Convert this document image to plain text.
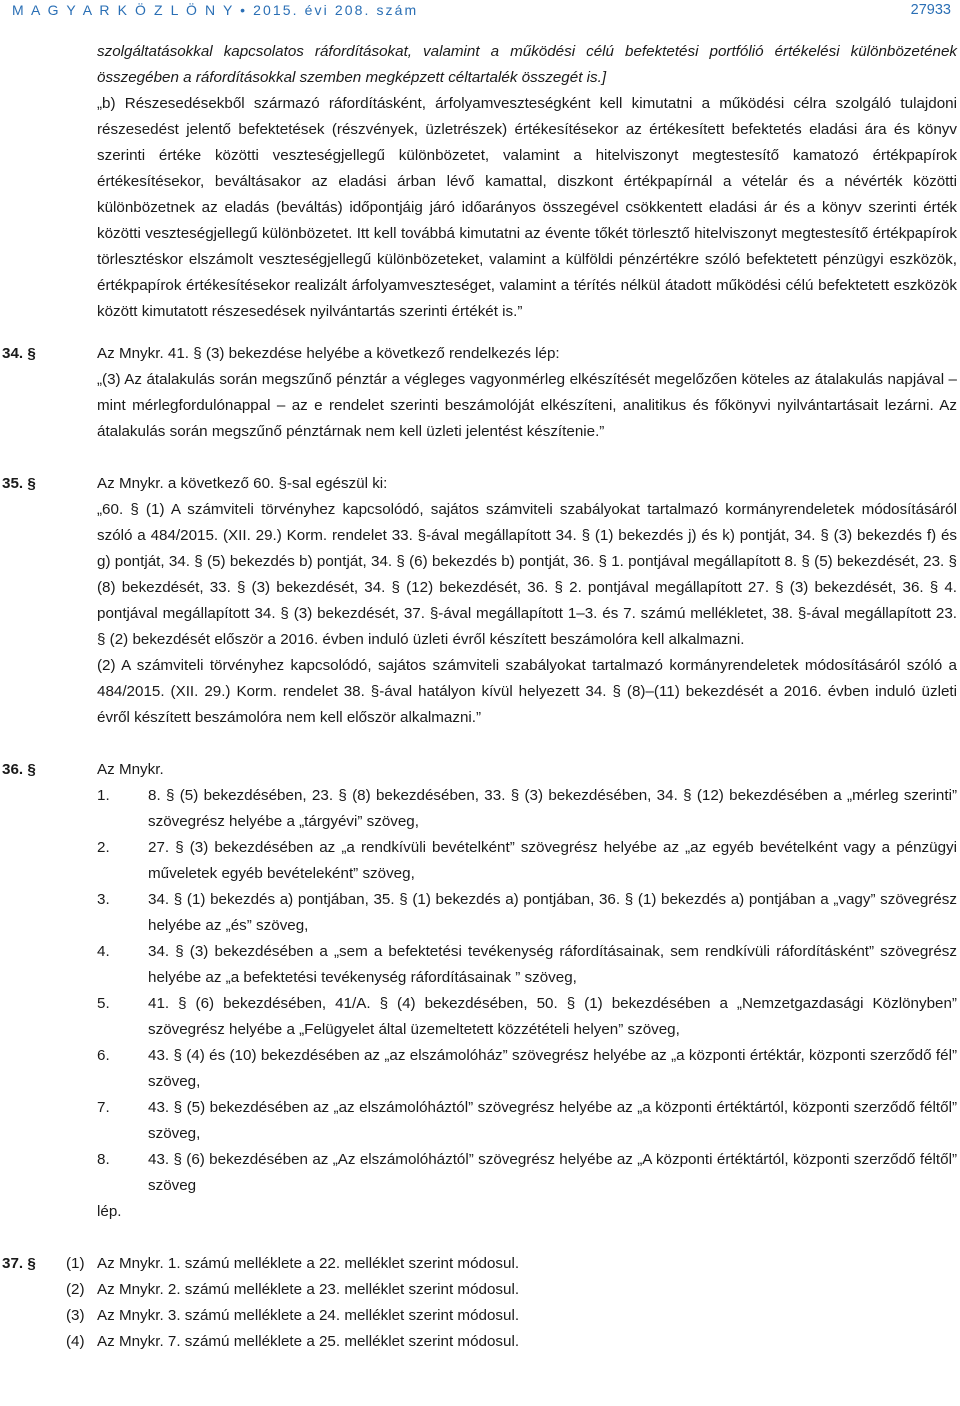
M A G Y A R K Ö Z L Ö N Y • 2015. évi 208. szám	27933

szolgáltatásokkal kapcsolatos ráfordításokat, valamint a működési célú befektetési portfólió értékelési különbözetének összegében a ráfordításokkal szemben megképzett céltartalék összegét is.]

„b) Részesedésekből származó ráfordításként, árfolyamveszteségként kell kimutatni a működési célra szolgáló tulajdoni részesedést jelentő befektetések (részvények, üzletrészek) értékesítésekor az értékesített befektetés eladási ára és könyv szerinti értéke közötti veszteségjellegű különbözetet, valamint a hitelviszonyt megtestesítő kamatozó értékpapírok értékesítésekor, beváltásakor az eladási árban lévő kamattal, diszkont értékpapírnál a vételár és a névérték közötti különbözetnek az eladás (beváltás) időpontjáig járó időarányos összegével csökkentett eladási ár és a könyv szerinti érték közötti veszteségjellegű különbözetet. Itt kell továbbá kimutatni az évente tőkét törlesztő hitelviszonyt megtestesítő értékpapírok törlesztéskor elszámolt veszteségjellegű különbözeteket, valamint a külföldi pénzértékre szóló befektetett pénzügyi eszközök, értékpapírok értékesítésekor realizált árfolyamveszteséget, valamint a térítés nélkül átadott működési célú befektetett eszközök között kimutatott részesedések nyilvántartás szerinti értékét is.”

34. §	Az Mnykr. 41. § (3) bekezdése helyébe a következő rendelkezés lép:

„(3) Az átalakulás során megszűnő pénztár a végleges vagyonmérleg elkészítését megelőzően köteles az átalakulás napjával – mint mérlegfordulónappal – az e rendelet szerinti beszámolóját elkészíteni, analitikus és főkönyvi nyilvántartásait lezárni. Az átalakulás során megszűnő pénztárnak nem kell üzleti jelentést készítenie.”

35. §	Az Mnykr. a következő 60. §-sal egészül ki:

„60. § (1) A számviteli törvényhez kapcsolódó, sajátos számviteli szabályokat tartalmazó kormányrendeletek módosításáról szóló a 484/2015. (XII. 29.) Korm. rendelet 33. §-ával megállapított 34. § (1) bekezdés j) és k) pontját, 34. § (3) bekezdés f) és g) pontját, 34. § (5) bekezdés b) pontját, 34. § (6) bekezdés b) pontját, 36. § 1. pontjával megállapított 8. § (5) bekezdését, 23. § (8) bekezdését, 33. § (3) bekezdését, 34. § (12) bekezdését, 36. § 2. pontjával megállapított 27. § (3) bekezdését, 36. § 4. pontjával megállapított 34. § (3) bekezdését, 37. §-ával megállapított 1–3. és 7. számú mellékletet, 38. §-ával megállapított 23. § (2) bekezdését először a 2016. évben induló üzleti évről készített beszámolóra kell alkalmazni.

(2) A számviteli törvényhez kapcsolódó, sajátos számviteli szabályokat tartalmazó kormányrendeletek módosításáról szóló a 484/2015. (XII. 29.) Korm. rendelet 38. §-ával hatályon kívül helyezett 34. § (8)–(11) bekezdését a 2016. évben induló üzleti évről készített beszámolóra nem kell először alkalmazni.”

36. §	Az Mnykr.

1.	8. § (5) bekezdésében, 23. § (8) bekezdésében, 33. § (3) bekezdésében, 34. § (12) bekezdésében a „mérleg szerinti” szövegrész helyébe a „tárgyévi” szöveg,

2.	27. § (3) bekezdésében az „a rendkívüli bevételként” szövegrész helyébe az „az egyéb bevételként vagy a pénzügyi műveletek egyéb bevételeként” szöveg,

3.	34. § (1) bekezdés a) pontjában, 35. § (1) bekezdés a) pontjában, 36. § (1) bekezdés a) pontjában a „vagy” szövegrész helyébe az „és” szöveg,

4.	34. § (3) bekezdésében a „sem a befektetési tevékenység ráfordításainak, sem rendkívüli ráfordításként” szövegrész helyébe az „a befektetési tevékenység ráfordításainak ” szöveg,

5.	41. § (6) bekezdésében, 41/A. § (4) bekezdésében, 50. § (1) bekezdésében a „Nemzetgazdasági Közlönyben” szövegrész helyébe a „Felügyelet által üzemeltetett közzétételi helyen” szöveg,

6.	43. § (4) és (10) bekezdésében az „az elszámolóház” szövegrész helyébe az „a központi értéktár, központi szerződő fél” szöveg,

7.	43. § (5) bekezdésében az „az elszámolóháztól” szövegrész helyébe az „a központi értéktártól, központi szerződő féltől” szöveg,

8.	43. § (6) bekezdésében az „Az elszámolóháztól” szövegrész helyébe az „A központi értéktártól, központi szerződő féltől” szöveg

lép.

37. § (1) Az Mnykr. 1. számú melléklete a 22. melléklet szerint módosul.
(2) Az Mnykr. 2. számú melléklete a 23. melléklet szerint módosul.
(3) Az Mnykr. 3. számú melléklete a 24. melléklet szerint módosul.
(4) Az Mnykr. 7. számú melléklete a 25. melléklet szerint módosul.
